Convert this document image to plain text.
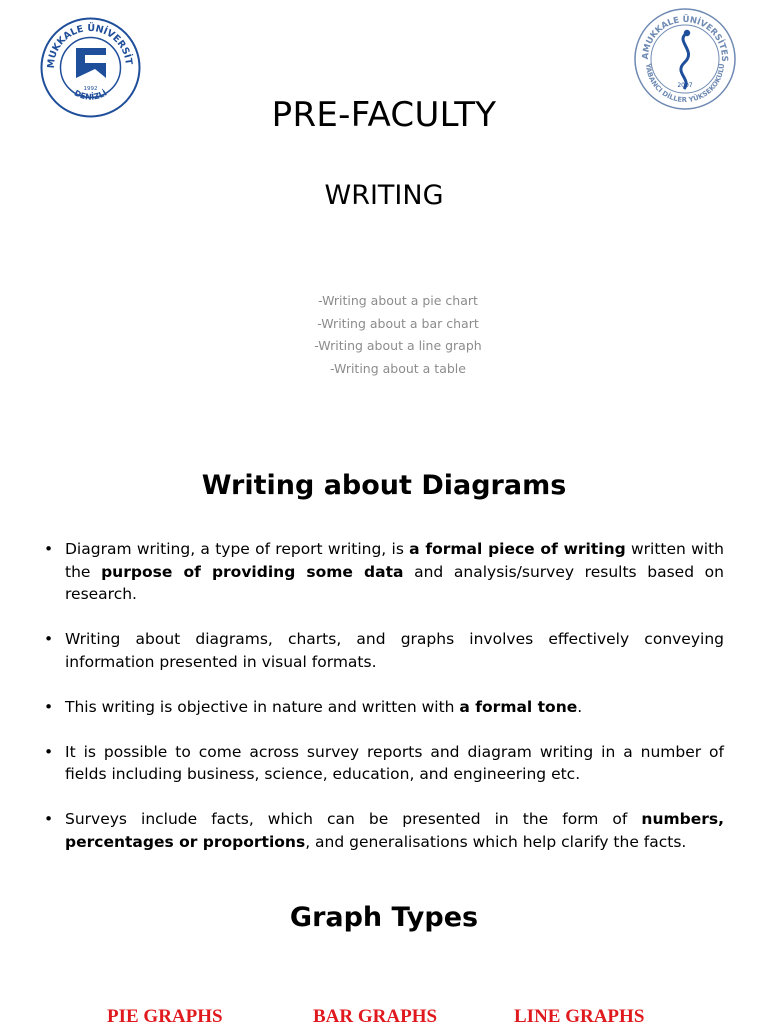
MUKKALE ÜNİVERSİT
DENİZLİ
1992
AMUKKALE ÜNİVERSİTES
YABANCI DİLLER YÜKSEKOKULU
2007
PRE-FACULTY
WRITING
-Writing about a pie chart
-Writing about a bar chart
-Writing about a line graph
-Writing about a table
Writing about Diagrams
• Diagram writing, a type of report writing, is a formal piece of writing written with the purpose of providing some data and analysis/survey results based on research.
• Writing about diagrams, charts, and graphs involves effectively conveying information presented in visual formats.
• This writing is objective in nature and written with a formal tone.
• It is possible to come across survey reports and diagram writing in a number of fields including business, science, education, and engineering etc.
• Surveys include facts, which can be presented in the form of numbers, percentages or proportions, and generalisations which help clarify the facts.
Graph Types
PIE GRAPHS	BAR GRAPHS	LINE GRAPHS
